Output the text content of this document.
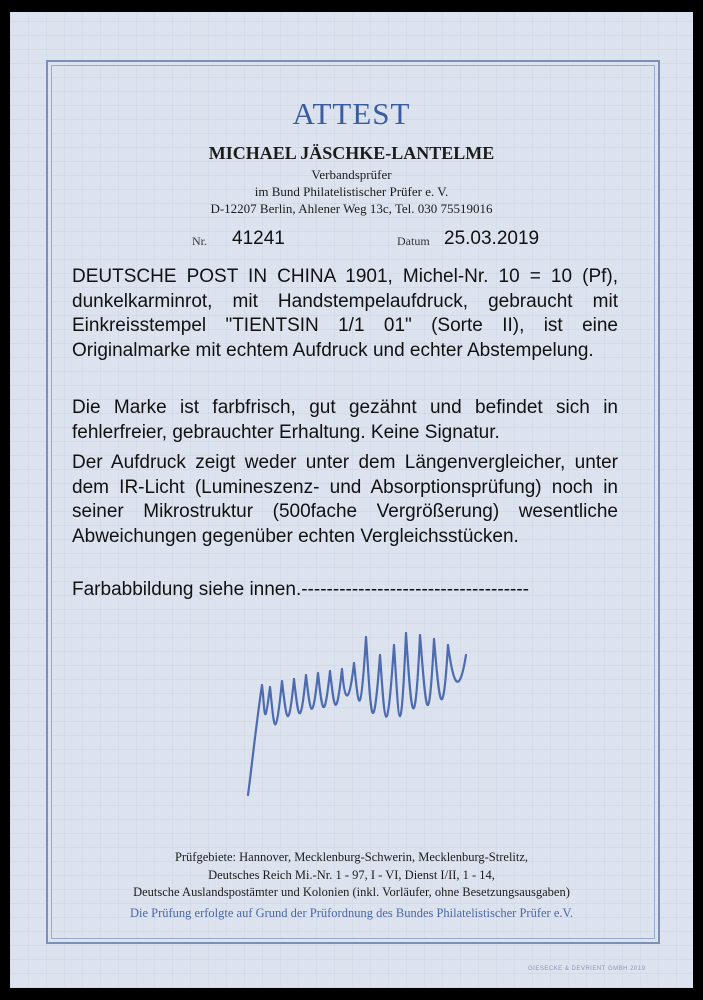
ATTEST
MICHAEL JÄSCHKE-LANTELME
Verbandsprüfer
im Bund Philatelistischer Prüfer e. V.
D-12207 Berlin, Ahlener Weg 13c, Tel. 030 75519016
Nr. 41241	Datum 25.03.2019
DEUTSCHE POST IN CHINA 1901, Michel-Nr. 10 = 10 (Pf), dunkelkarminrot, mit Handstempelaufdruck, gebraucht mit Einkreisstempel "TIENTSIN 1/1 01" (Sorte II), ist eine Originalmarke mit echtem Aufdruck und echter Abstempelung.
Die Marke ist farbfrisch, gut gezähnt und befindet sich in fehlerfreier, gebrauchter Erhaltung. Keine Signatur.
Der Aufdruck zeigt weder unter dem Längenvergleicher, unter dem IR-Licht (Lumineszenz- und Absorptionsprüfung) noch in seiner Mikrostruktur (500fache Vergrößerung) wesentliche Abweichungen gegenüber echten Vergleichsstücken.
Farbabbildung siehe innen.------------------------------------
Prüfgebiete: Hannover, Mecklenburg-Schwerin, Mecklenburg-Strelitz,
Deutsches Reich Mi.-Nr. 1 - 97, I - VI, Dienst I/II, 1 - 14,
Deutsche Auslandspostämter und Kolonien (inkl. Vorläufer, ohne Besetzungsausgaben)
Die Prüfung erfolgte auf Grund der Prüfordnung des Bundes Philatelistischer Prüfer e.V.
GIESECKE & DEVRIENT GMBH 2019
